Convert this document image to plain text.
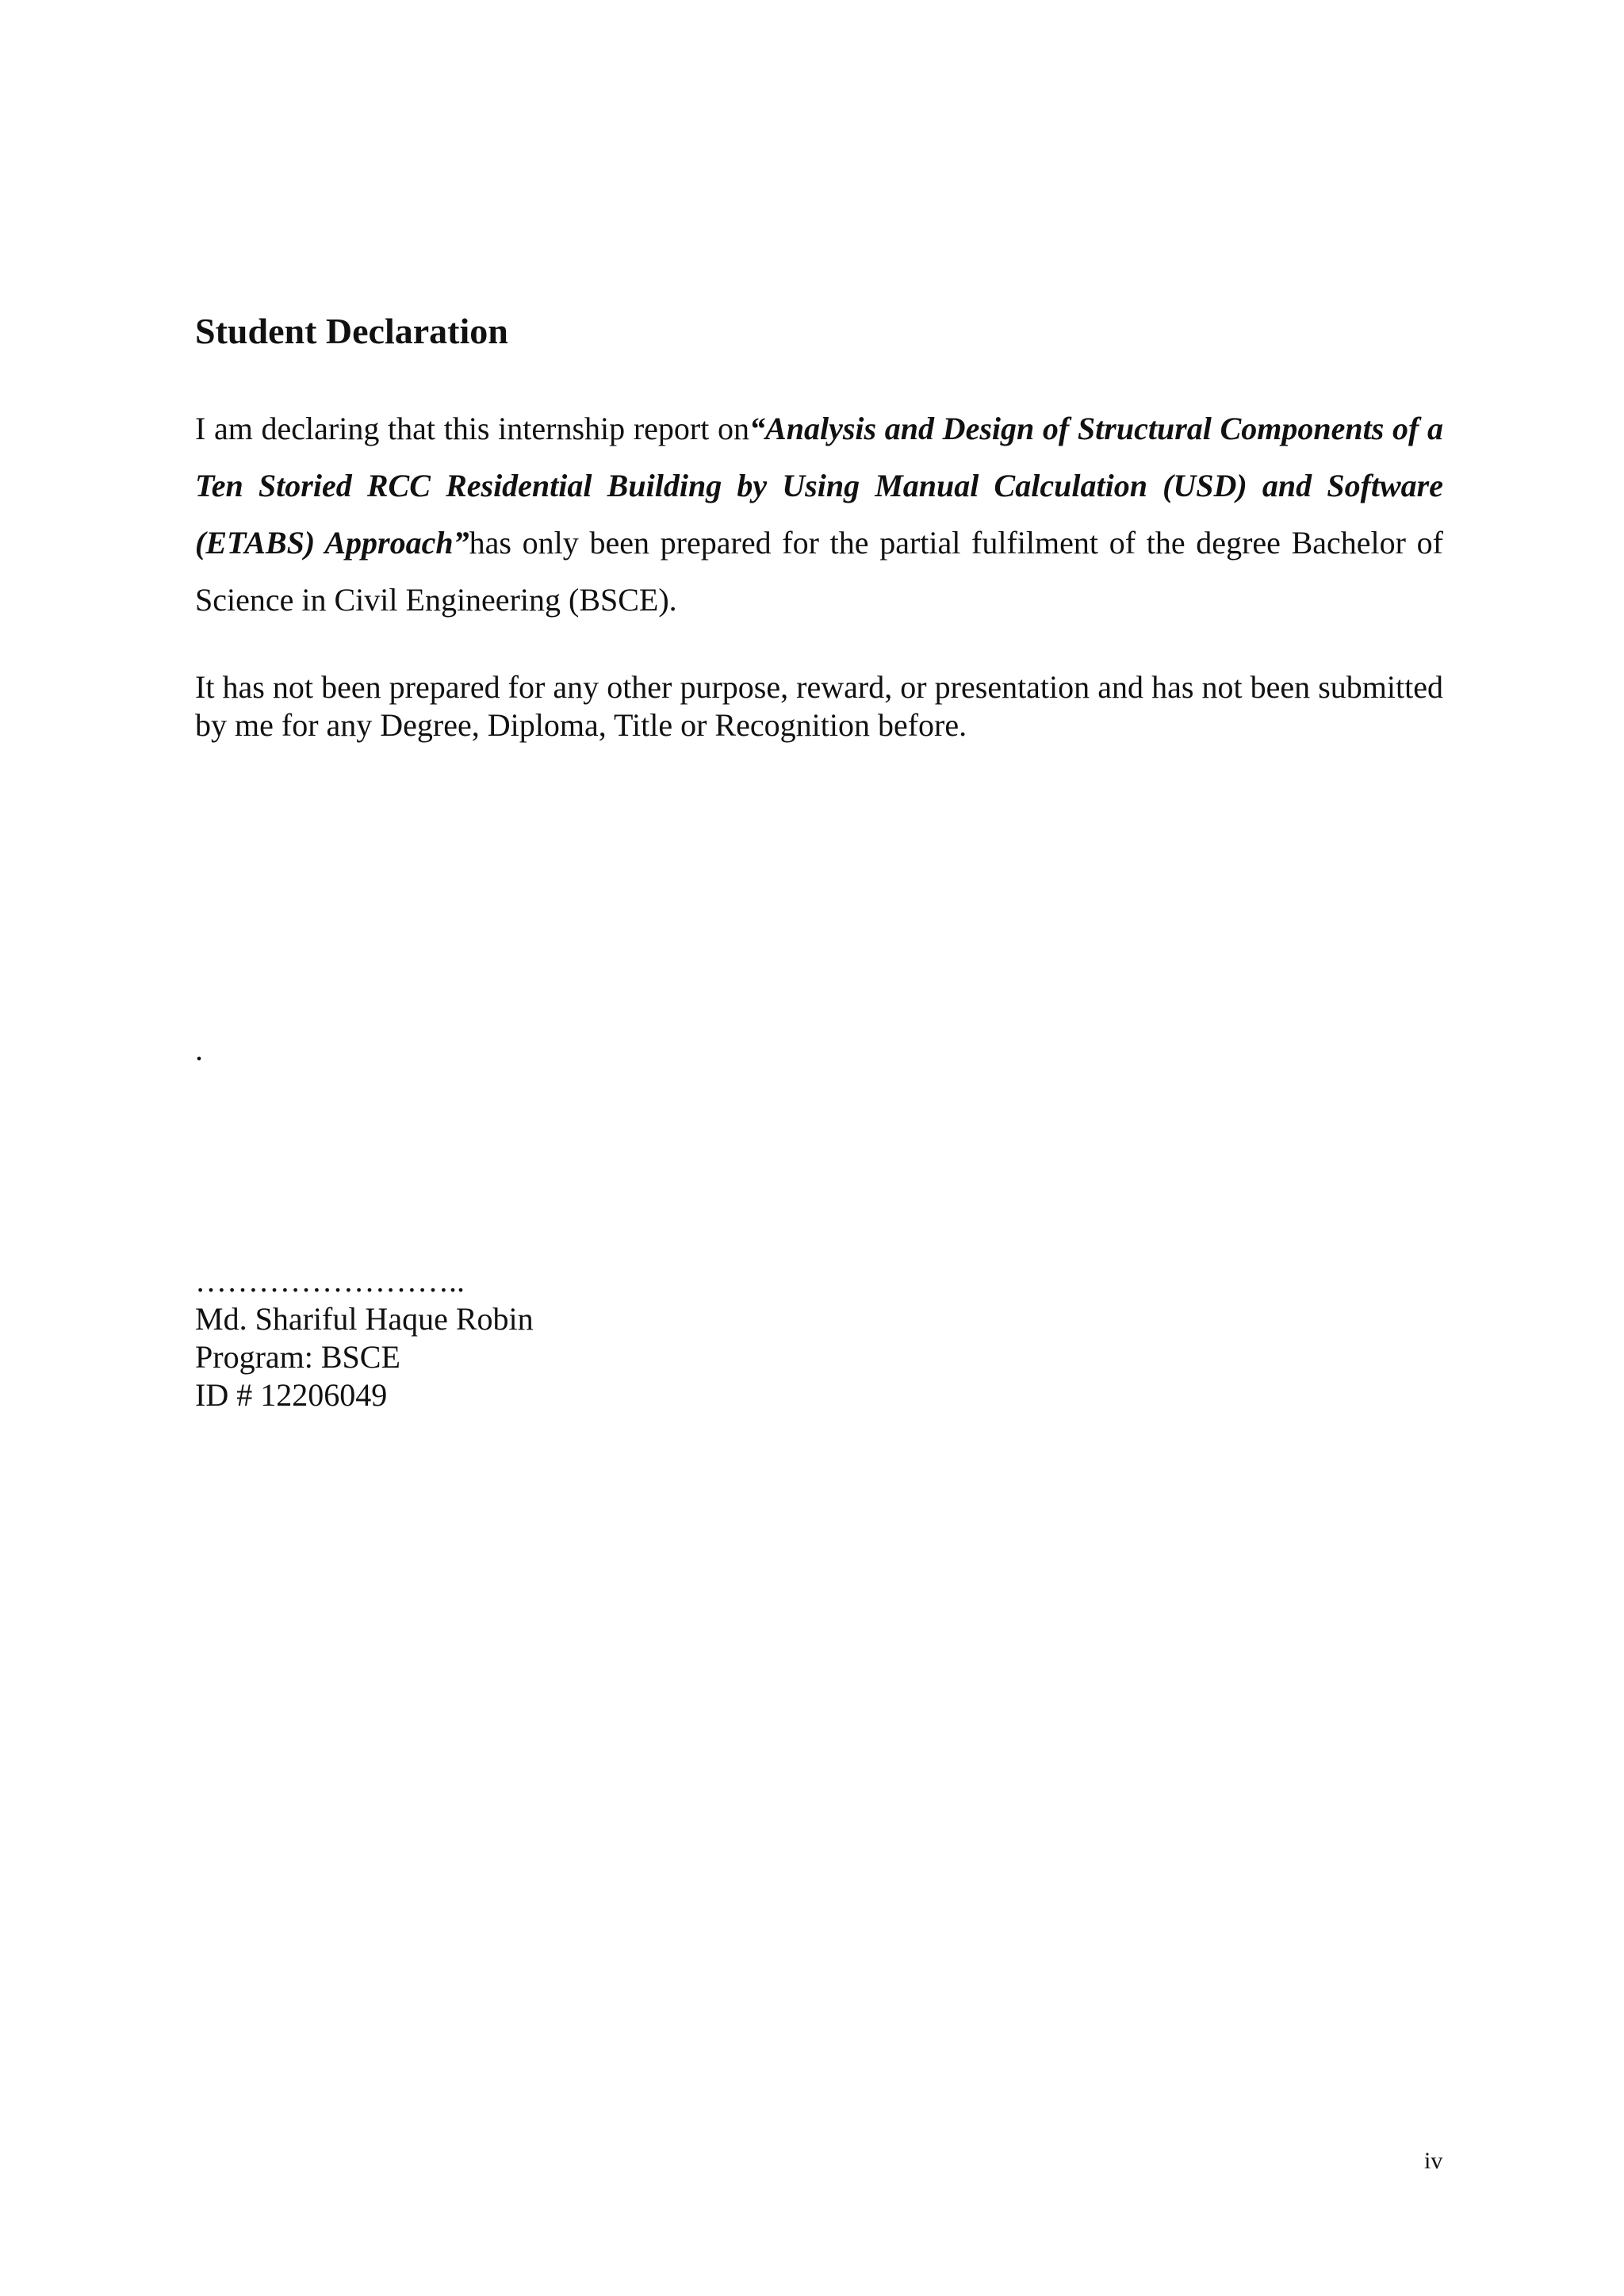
Student Declaration

I am declaring that this internship report on“Analysis and Design of Structural Components of a Ten Storied RCC Residential Building by Using Manual Calculation (USD) and Software (ETABS) Approach”has only been prepared for the partial fulfilment of the degree Bachelor of Science in Civil Engineering (BSCE).

It has not been prepared for any other purpose, reward, or presentation and has not been submitted by me for any Degree, Diploma, Title or Recognition before.

.
……………………..
Md. Shariful Haque Robin
Program: BSCE
ID # 12206049
iv
